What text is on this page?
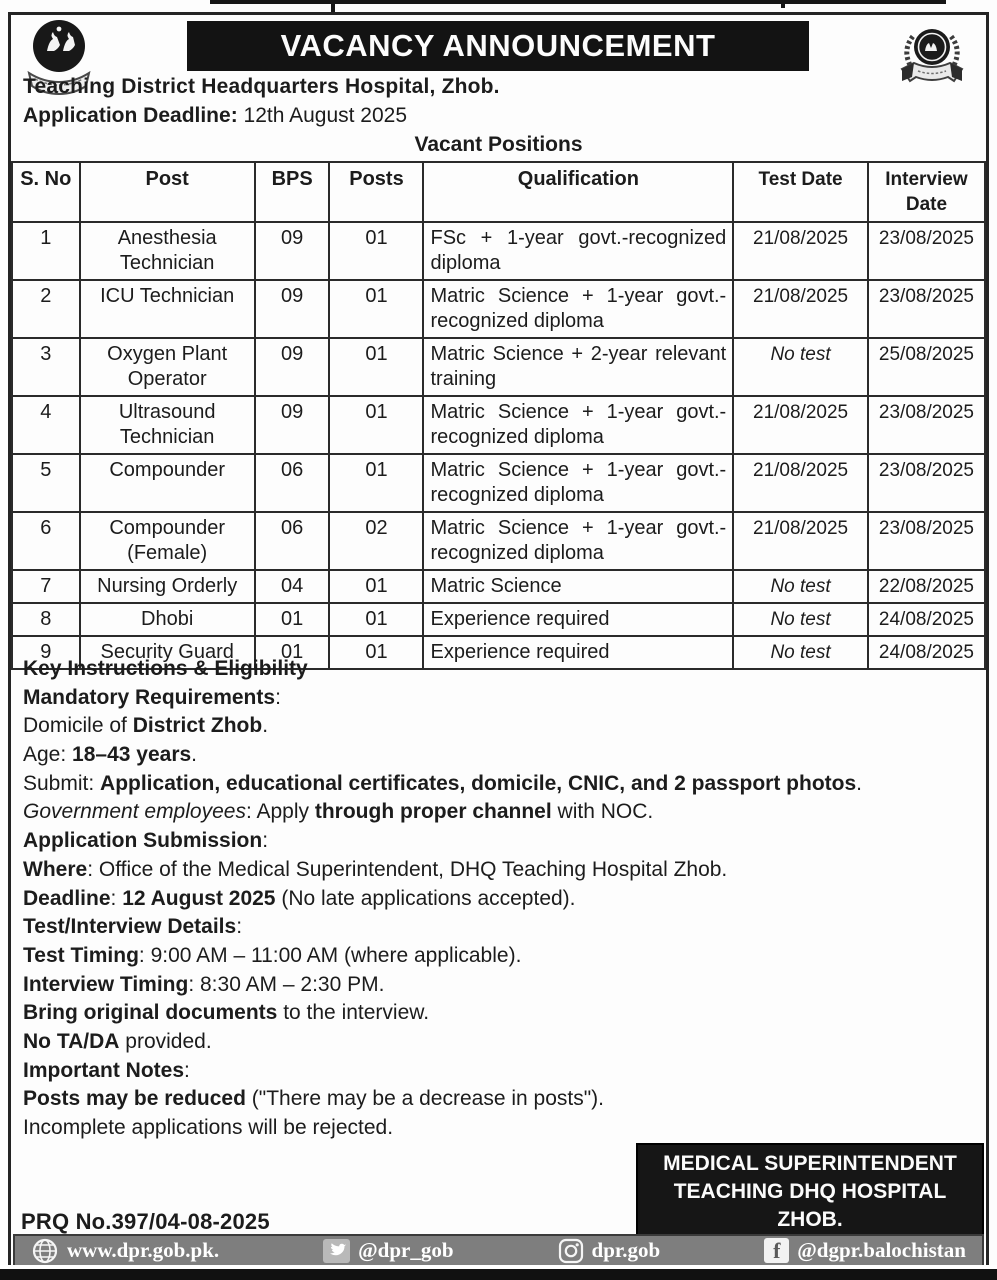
VACANCY ANNOUNCEMENT
Teaching District Headquarters Hospital, Zhob.
Application Deadline: 12th August 2025
Vacant Positions
S. No	Post	BPS	Posts	Qualification	Test Date	Interview Date
1	Anesthesia Technician	09	01	FSc + 1-year govt.-recognized diploma	21/08/2025	23/08/2025
2	ICU Technician	09	01	Matric Science + 1-year govt.-recognized diploma	21/08/2025	23/08/2025
3	Oxygen Plant Operator	09	01	Matric Science + 2-year relevant training	No test	25/08/2025
4	Ultrasound Technician	09	01	Matric Science + 1-year govt.-recognized diploma	21/08/2025	23/08/2025
5	Compounder	06	01	Matric Science + 1-year govt.-recognized diploma	21/08/2025	23/08/2025
6	Compounder (Female)	06	02	Matric Science + 1-year govt.-recognized diploma	21/08/2025	23/08/2025
7	Nursing Orderly	04	01	Matric Science	No test	22/08/2025
8	Dhobi	01	01	Experience required	No test	24/08/2025
9	Security Guard	01	01	Experience required	No test	24/08/2025
Key Instructions & Eligibility
Mandatory Requirements:
Domicile of District Zhob.
Age: 18–43 years.
Submit: Application, educational certificates, domicile, CNIC, and 2 passport photos.
Government employees: Apply through proper channel with NOC.
Application Submission:
Where: Office of the Medical Superintendent, DHQ Teaching Hospital Zhob.
Deadline: 12 August 2025 (No late applications accepted).
Test/Interview Details:
Test Timing: 9:00 AM – 11:00 AM (where applicable).
Interview Timing: 8:30 AM – 2:30 PM.
Bring original documents to the interview.
No TA/DA provided.
Important Notes:
Posts may be reduced ("There may be a decrease in posts").
Incomplete applications will be rejected.
MEDICAL SUPERINTENDENT
TEACHING DHQ HOSPITAL
ZHOB.
PRQ No.397/04-08-2025
www.dpr.gob.pk.	@dpr_gob	dpr.gob	f @dgpr.balochistan
